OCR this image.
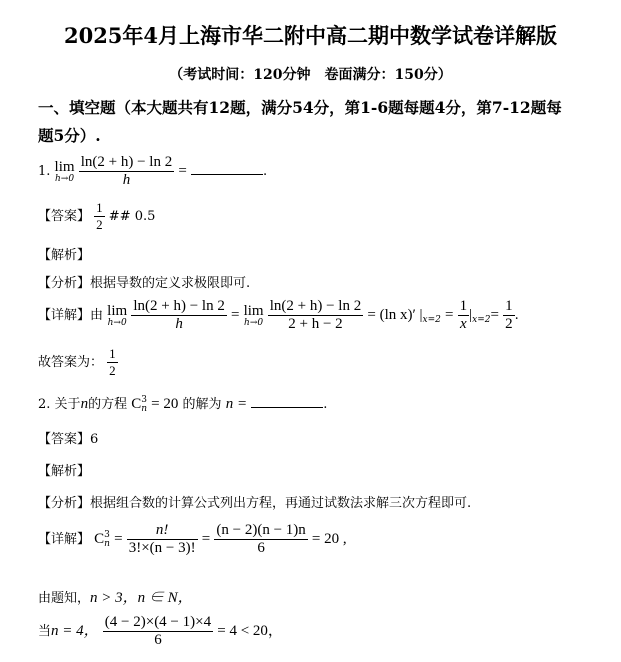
2025年4月上海市华二附中高二期中数学试卷详解版
（考试时间：120分钟　卷面满分：150分）
一、填空题（本大题共有12题，满分54分，第1-6题每题4分，第7-12题每
题5分）.
1. lim
h→0
$\frac{\ln(2 + h) - \ln 2}{h}$ =	.
【答案】 $\frac{1}{2}$ ## 0.5
【解析】
【分析】根据导数的定义求极限即可.
【详解】由 lim
h→0
$\frac{\ln(2 + h) - \ln 2}{h} = \lim$
h→0
$\frac{\ln(2 + h) - \ln 2}{2 + h - 2} = (\ln$ x)′ $|_{x=2} = \frac{1}{x} |_{x=2}= \frac{1}{2}$ .
故答案为： $\frac{1}{2}$
2. 关于n的方程 C 3
n = 20 的解为 n =	.
【答案】6
【解析】
【分析】根据组合数的计算公式列出方程，再通过试数法求解三次方程即可.
【详解】 C 3
$n = \frac{n!}{3!\times(n - 3)!} = \frac{(n - 2)(n - 1)n}{6} = 20$ ,
由题知，n > 3，n ∈ N，
当n = 4， $\frac{(4 - 2)\times(4 - 1)\times 4}{6} = 4 < 20$，
